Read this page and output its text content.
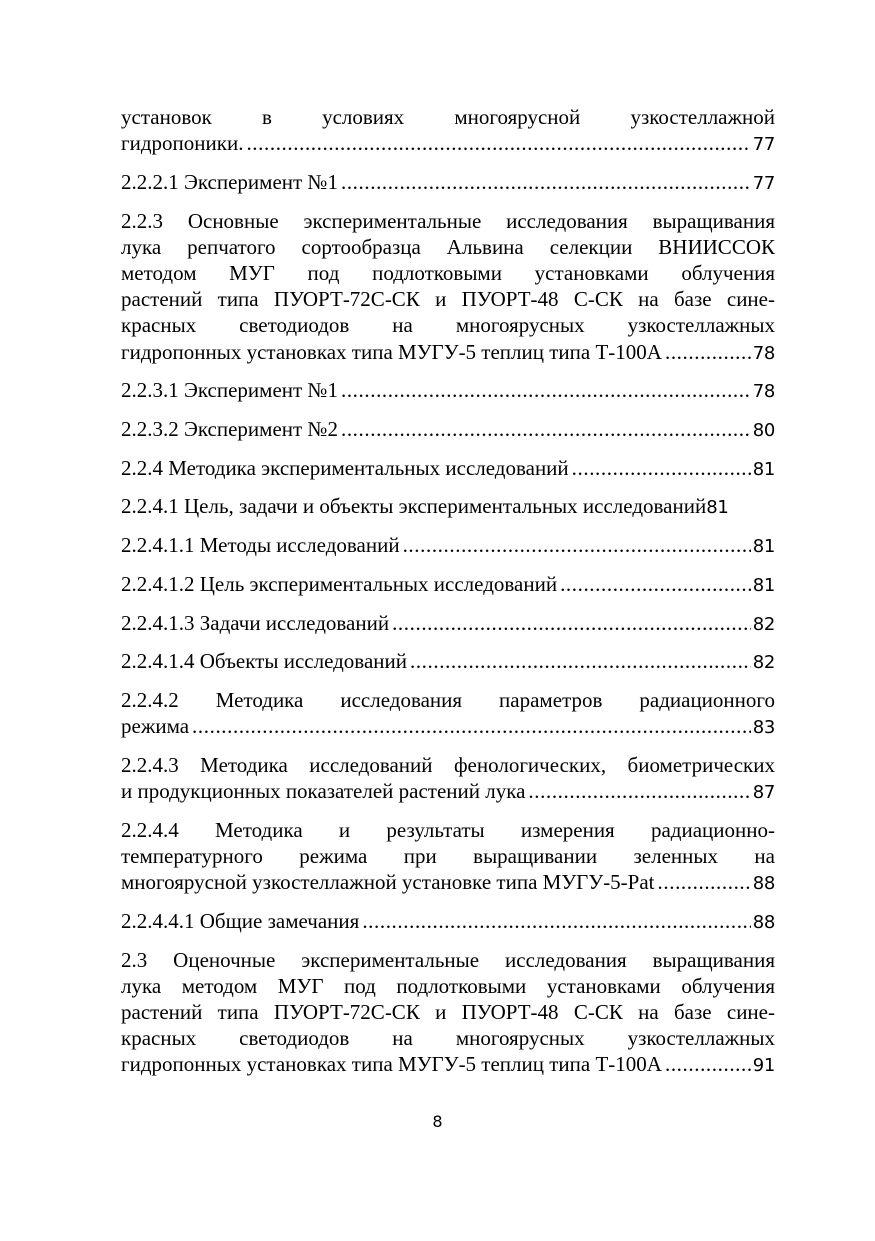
установок в условиях многоярусной узкостеллажной
гидропоники. .....	77
2.2.2.1 Эксперимент №1 .....	77
2.2.3 Основные экспериментальные исследования выращивания
лука репчатого сортообразца Альвина селекции ВНИИССОК
методом МУГ под подлотковыми установками облучения
растений типа ПУОРТ-72С-СК и ПУОРТ-48 С-СК на базе сине-
красных светодиодов на многоярусных узкостеллажных
гидропонных установках типа МУГУ-5 теплиц типа Т-100А .....	78
2.2.3.1 Эксперимент №1 .....	78
2.2.3.2 Эксперимент №2 .....	80
2.2.4 Методика экспериментальных исследований .....	81
2.2.4.1 Цель, задачи и объекты экспериментальных исследований 81
2.2.4.1.1 Методы исследований .....	81
2.2.4.1.2 Цель экспериментальных исследований .....	81
2.2.4.1.3 Задачи исследований .....	82
2.2.4.1.4 Объекты исследований .....	82
2.2.4.2 Методика исследования параметров радиационного
режима .....	83
2.2.4.3 Методика исследований фенологических, биометрических
и продукционных показателей растений лука .....	87
2.2.4.4 Методика и результаты измерения радиационно-
температурного режима при выращивании зеленных на
многоярусной узкостеллажной установке типа МУГУ-5-Pat .....	88
2.2.4.4.1 Общие замечания .....	88
2.3 Оценочные экспериментальные исследования выращивания
лука методом МУГ под подлотковыми установками облучения
растений типа ПУОРТ-72С-СК и ПУОРТ-48 С-СК на базе сине-
красных светодиодов на многоярусных узкостеллажных
гидропонных установках типа МУГУ-5 теплиц типа Т-100А .....	91
8
